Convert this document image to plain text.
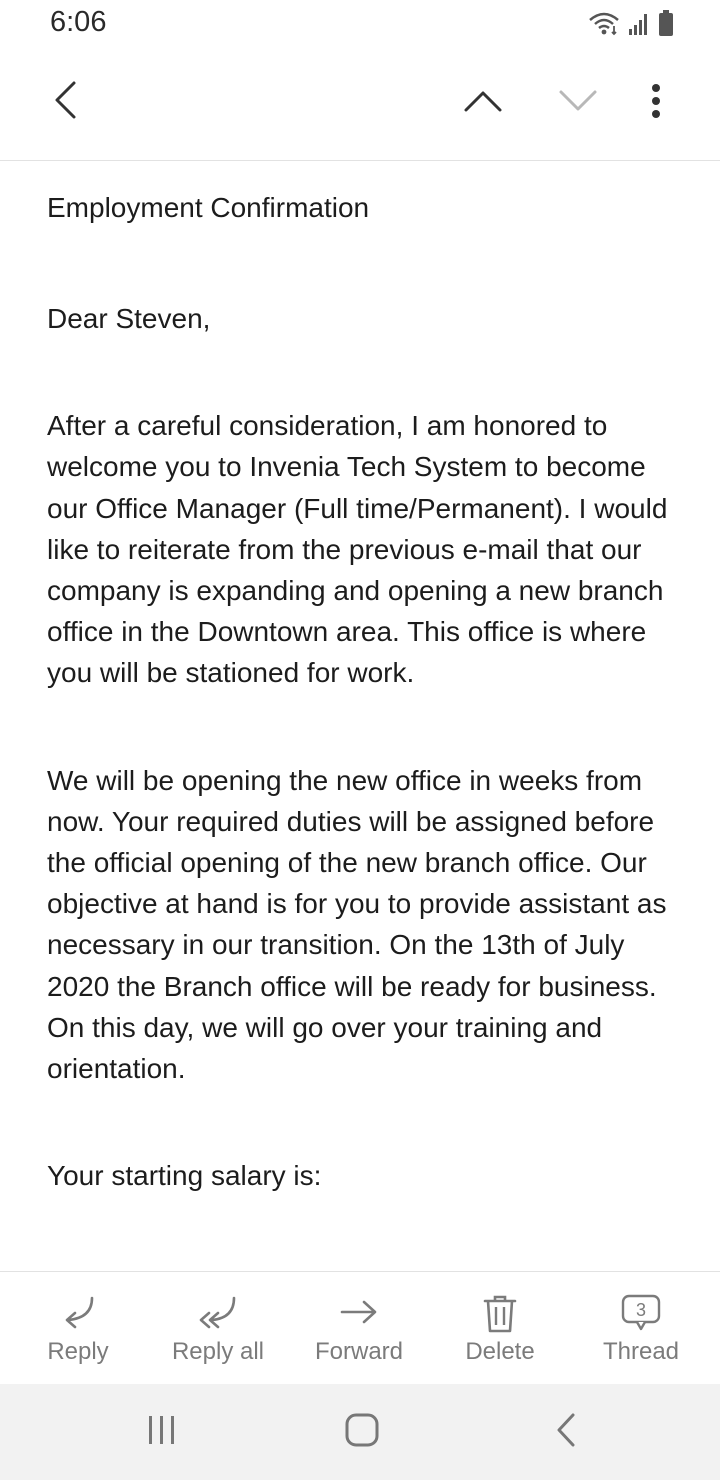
6:06
Employment Confirmation

Dear Steven,

After a careful consideration, I am honored to welcome you to Invenia Tech System to become our Office Manager (Full time/Permanent). I would like to reiterate from the previous e-mail that our company is expanding and opening a new branch office in the Downtown area. This office is where you will be stationed for work.

We will be opening the new office in weeks from now. Your required duties will be assigned before the official opening of the new branch office. Our objective at hand is for you to provide assistant as necessary in our transition. On the 13th of July 2020 the Branch office will be ready for business. On this day, we will go over your training and orientation.

Your starting salary is:

Reply	Reply all	Forward	Delete
3
Thread
